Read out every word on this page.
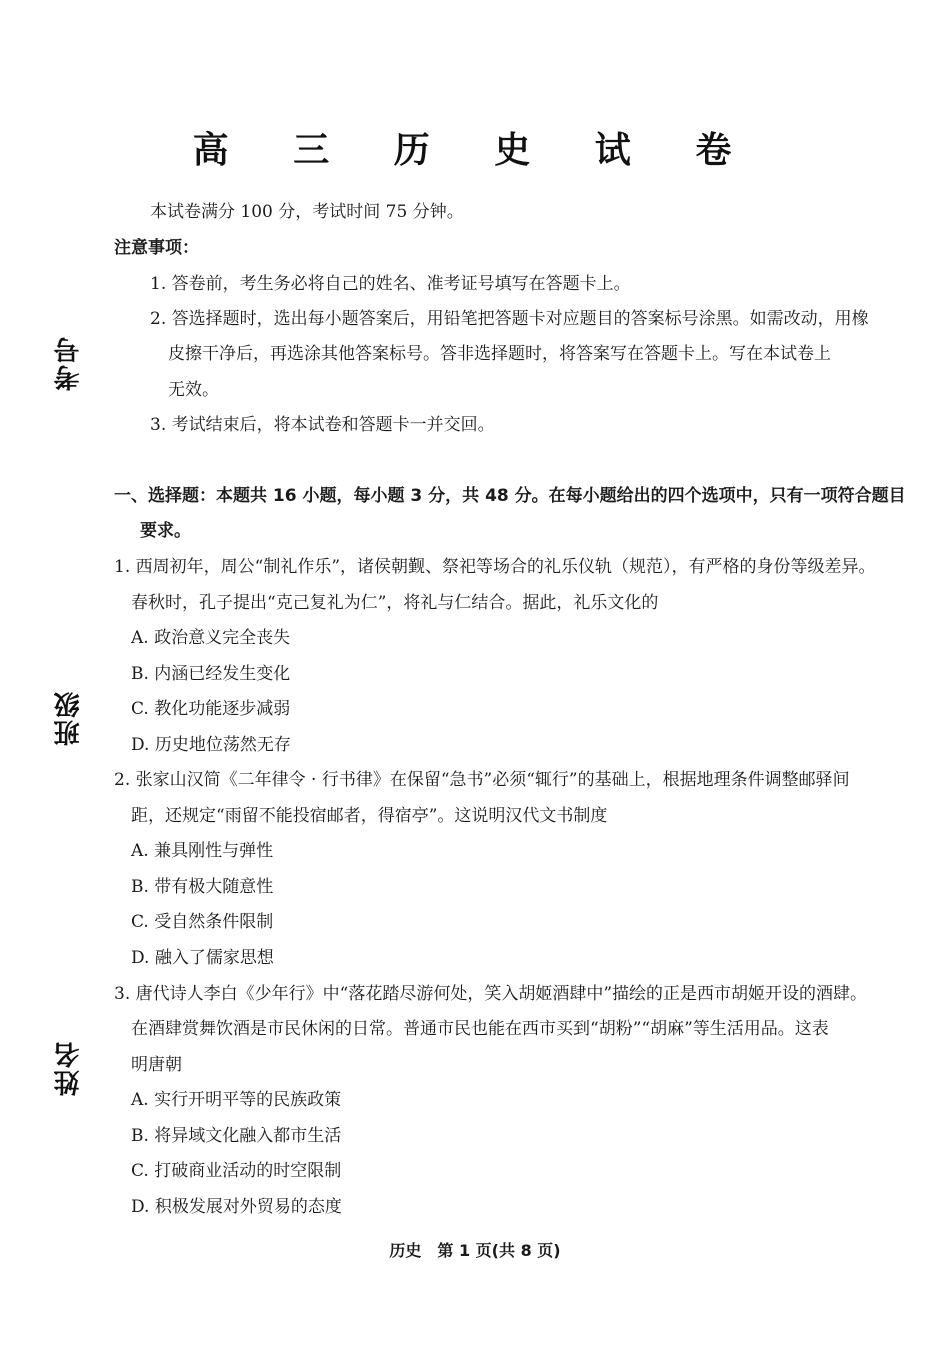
考号
班级
姓名
高 三 历 史 试 卷
本试卷满分 100 分，考试时间 75 分钟。
注意事项：
1. 答卷前，考生务必将自己的姓名、准考证号填写在答题卡上。
2. 答选择题时，选出每小题答案后，用铅笔把答题卡对应题目的答案标号涂黑。如需改动，用橡
皮擦干净后，再选涂其他答案标号。答非选择题时，将答案写在答题卡上。写在本试卷上
无效。
3. 考试结束后，将本试卷和答题卡一并交回。
一、选择题：本题共 16 小题，每小题 3 分，共 48 分。在每小题给出的四个选项中，只有一项符合题目
要求。
1. 西周初年，周公“制礼作乐”，诸侯朝觐、祭祀等场合的礼乐仪轨（规范），有严格的身份等级差异。
春秋时，孔子提出“克己复礼为仁”，将礼与仁结合。据此，礼乐文化的
A. 政治意义完全丧失
B. 内涵已经发生变化
C. 教化功能逐步减弱
D. 历史地位荡然无存
2. 张家山汉简《二年律令 · 行书律》在保留“急书”必须“辄行”的基础上，根据地理条件调整邮驿间
距，还规定“雨留不能投宿邮者，得宿亭”。这说明汉代文书制度
A. 兼具刚性与弹性
B. 带有极大随意性
C. 受自然条件限制
D. 融入了儒家思想
3. 唐代诗人李白《少年行》中“落花踏尽游何处，笑入胡姬酒肆中”描绘的正是西市胡姬开设的酒肆。
在酒肆赏舞饮酒是市民休闲的日常。普通市民也能在西市买到“胡粉”“胡麻”等生活用品。这表
明唐朝
A. 实行开明平等的民族政策
B. 将异域文化融入都市生活
C. 打破商业活动的时空限制
D. 积极发展对外贸易的态度
历史　第 1 页(共 8 页)
